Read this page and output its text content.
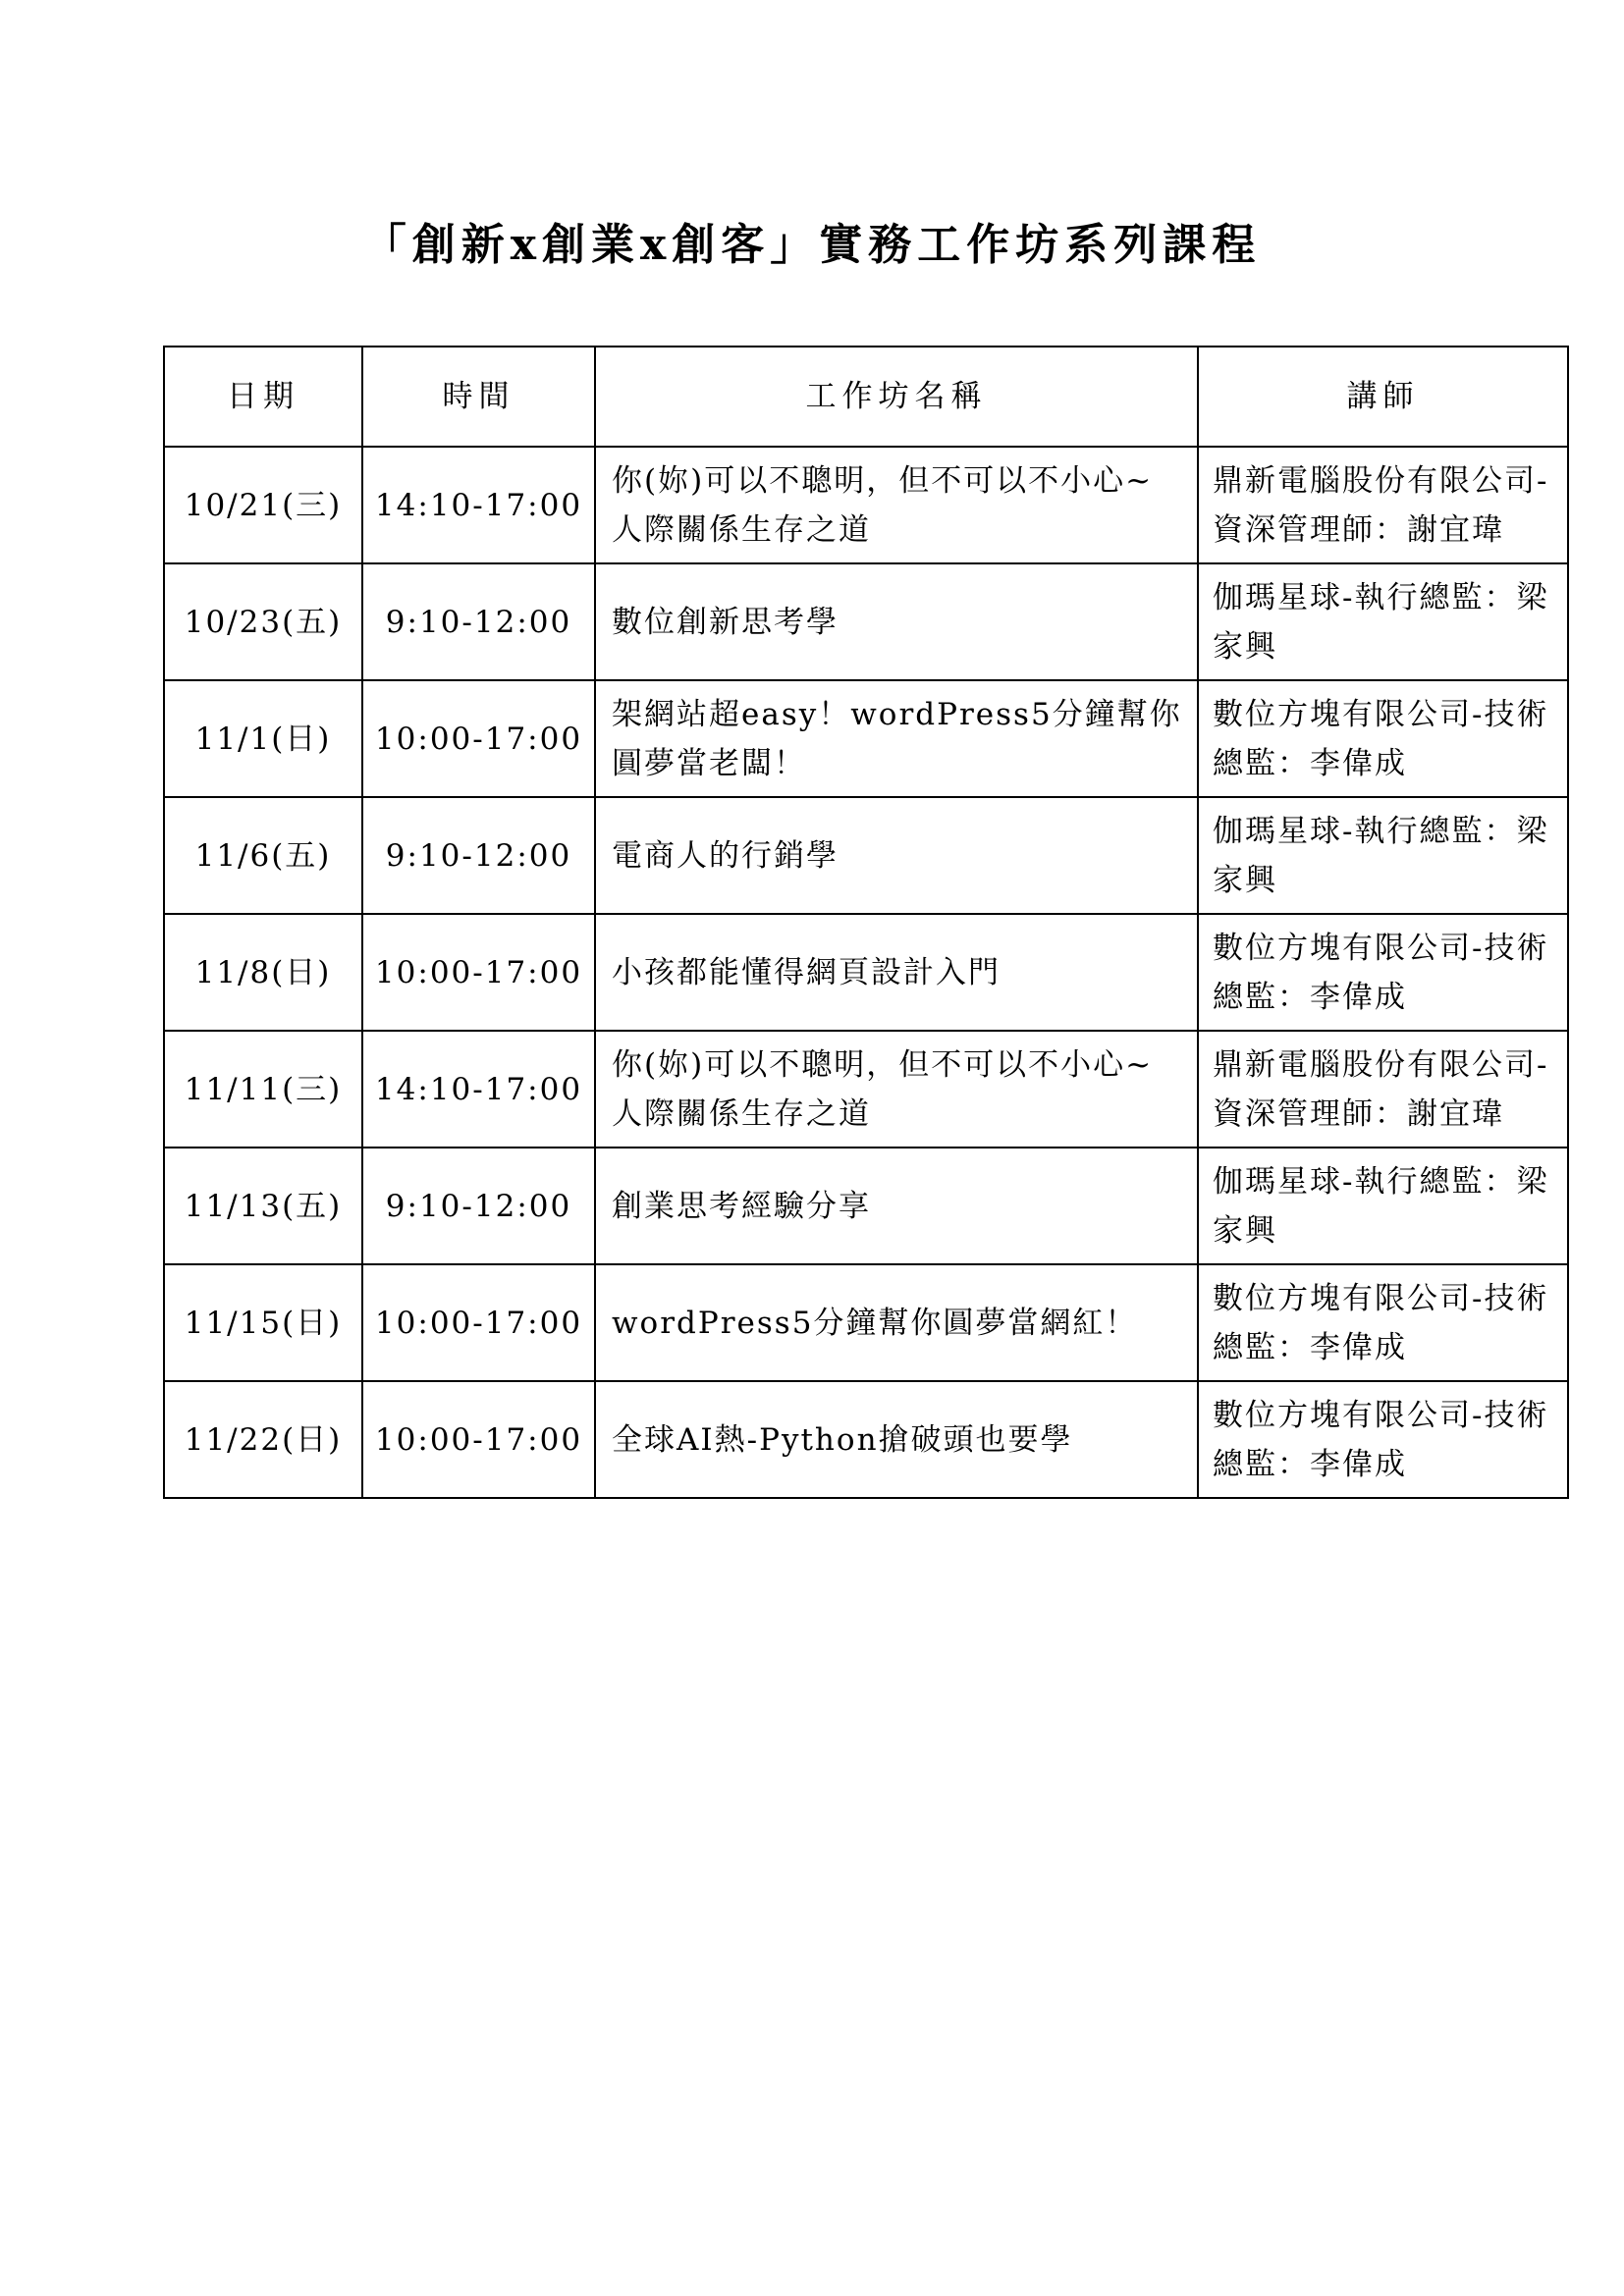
「創新x創業x創客」實務工作坊系列課程
日期	時間	工作坊名稱	講師
10/21(三)	14:10-17:00	你(妳)可以不聰明，但不可以不小心~人際關係生存之道	鼎新電腦股份有限公司-資深管理師：謝宜瑋
10/23(五)	9:10-12:00	數位創新思考學	伽瑪星球-執行總監：梁家興
11/1(日)	10:00-17:00	架網站超easy！wordPress5分鐘幫你圓夢當老闆！	數位方塊有限公司-技術總監：李偉成
11/6(五)	9:10-12:00	電商人的行銷學	伽瑪星球-執行總監：梁家興
11/8(日)	10:00-17:00	小孩都能懂得網頁設計入門	數位方塊有限公司-技術總監：李偉成
11/11(三)	14:10-17:00	你(妳)可以不聰明，但不可以不小心~人際關係生存之道	鼎新電腦股份有限公司-資深管理師：謝宜瑋
11/13(五)	9:10-12:00	創業思考經驗分享	伽瑪星球-執行總監：梁家興
11/15(日)	10:00-17:00	wordPress5分鐘幫你圓夢當網紅！	數位方塊有限公司-技術總監：李偉成
11/22(日)	10:00-17:00	全球AI熱-Python搶破頭也要學	數位方塊有限公司-技術總監：李偉成
